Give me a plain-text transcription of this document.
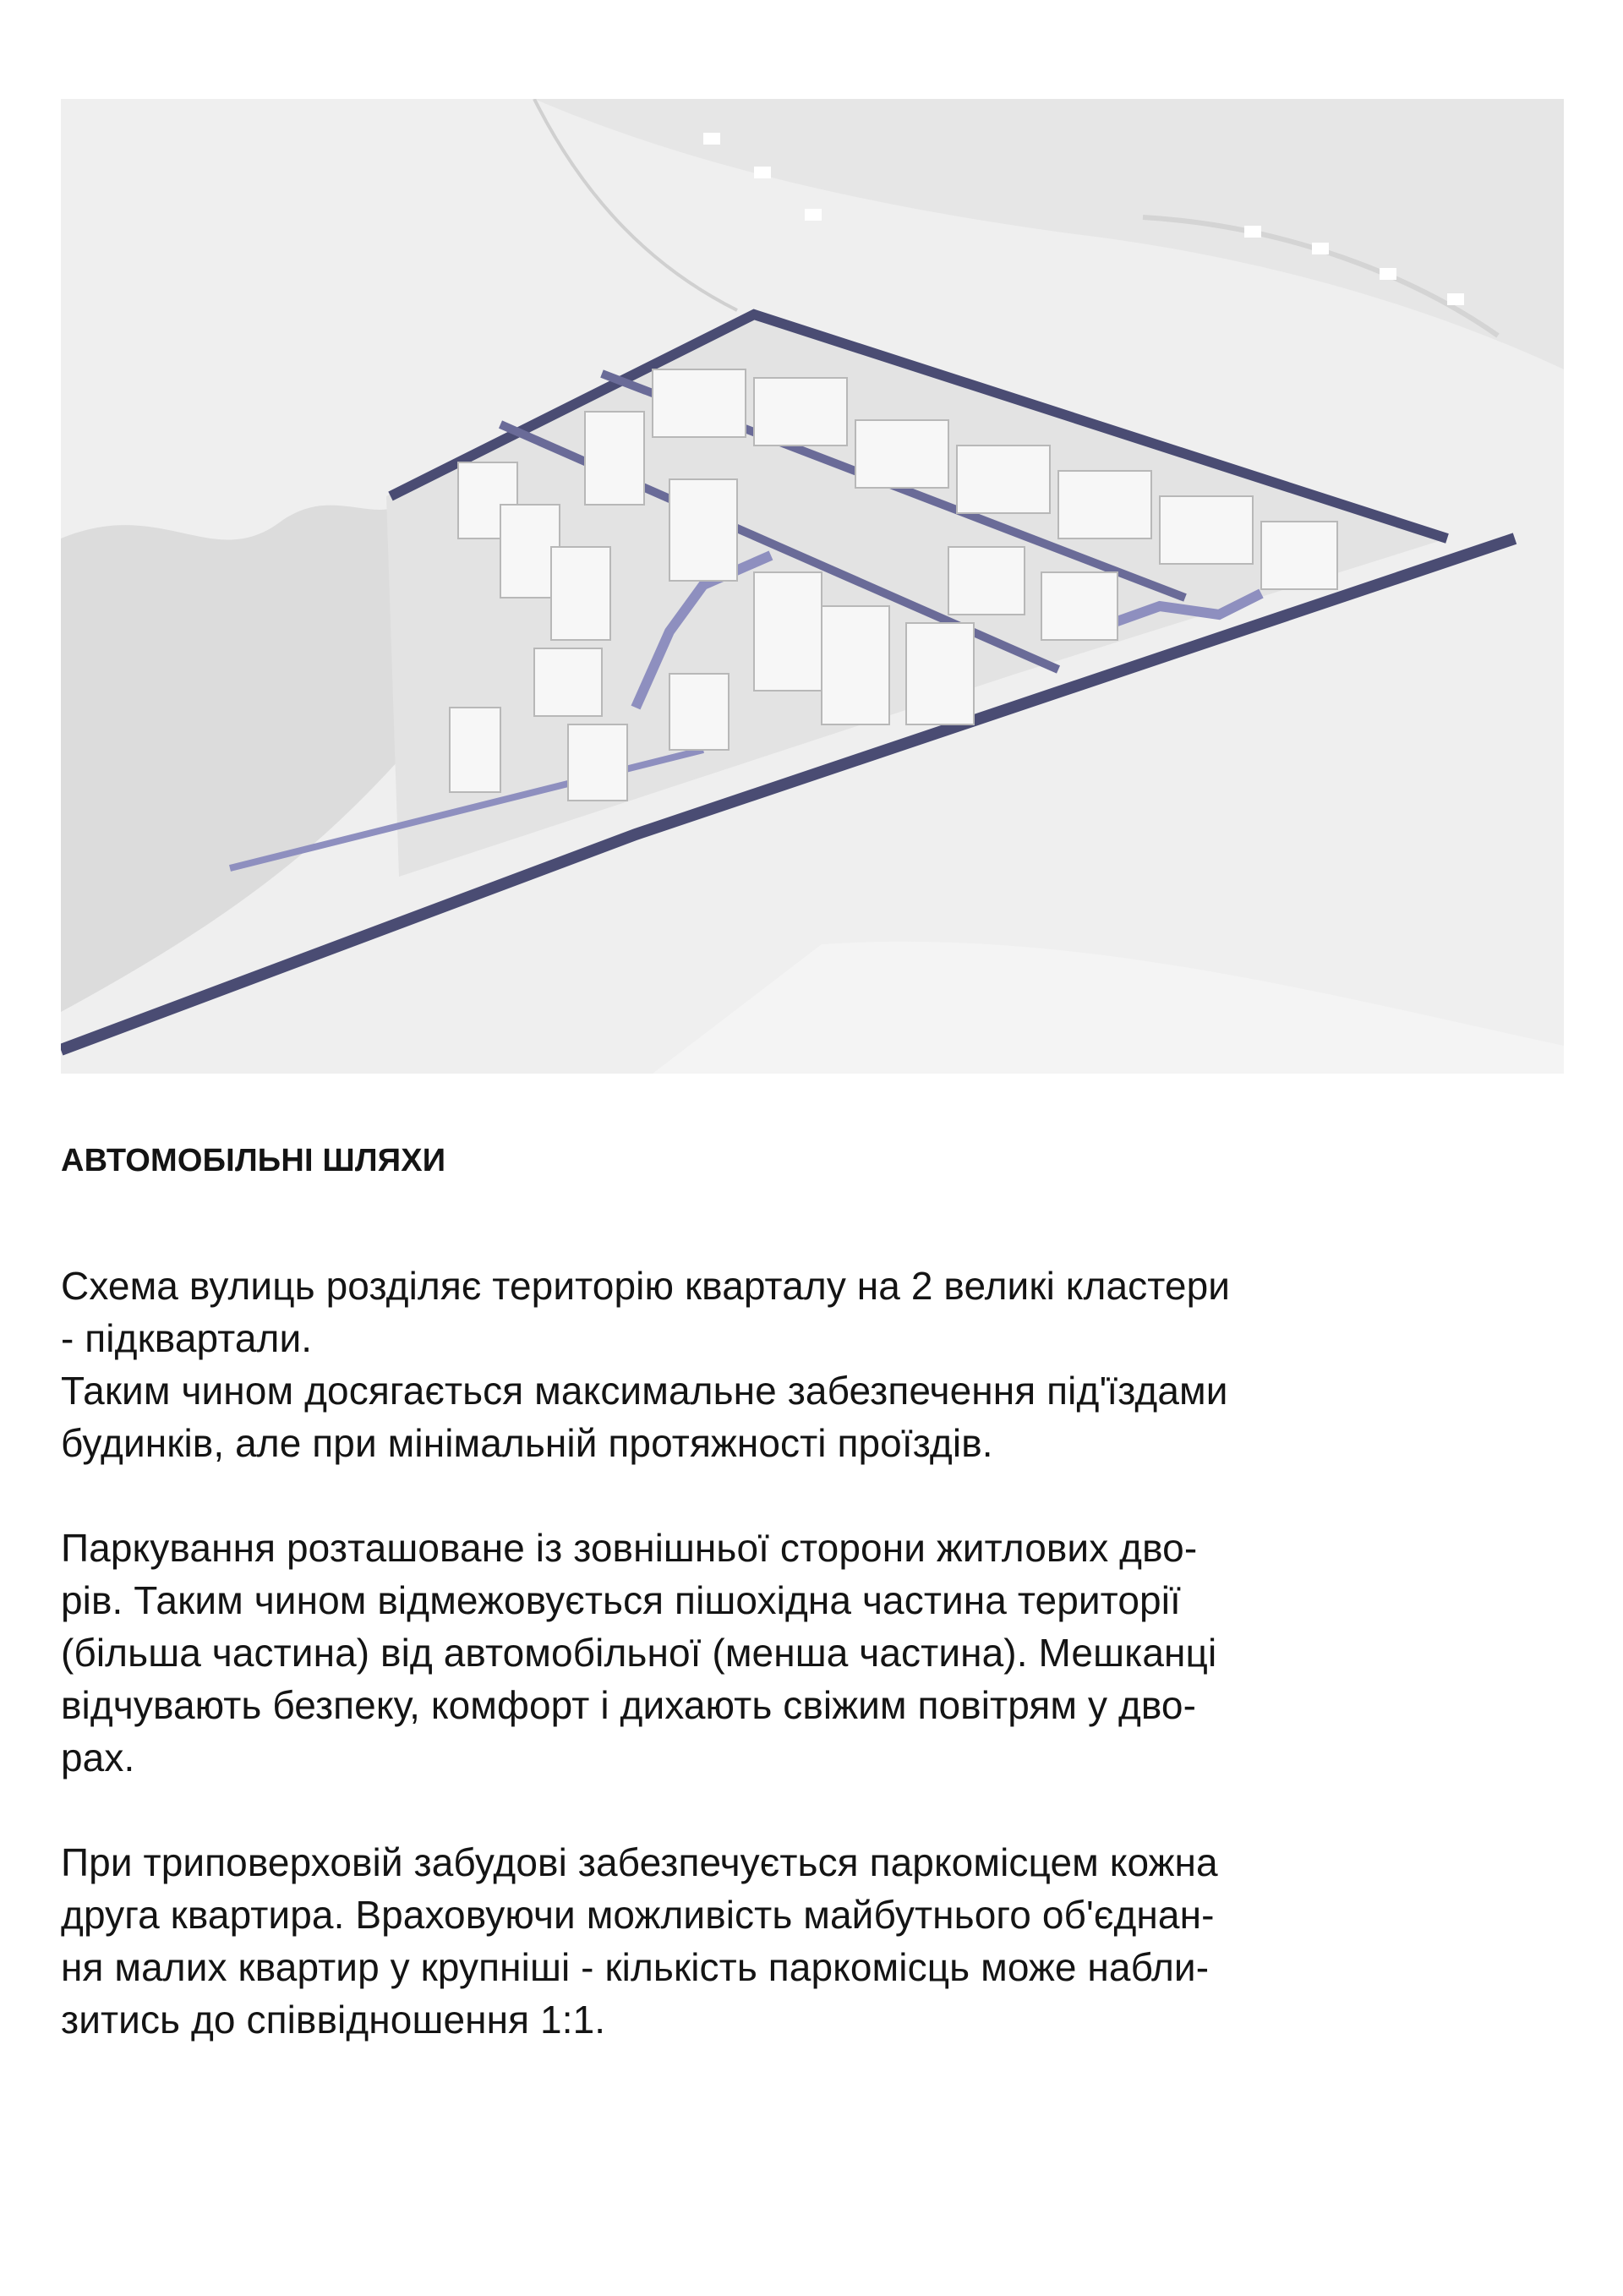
АВТОМОБІЛЬНІ ШЛЯХИ

Схема вулиць розділяє територію кварталу на 2 великі кластери
- підквартали.
Таким чином досягається максимальне забезпечення під'їздами
будинків, але при мінімальній протяжності проїздів.

Паркування розташоване із зовнішньої сторони житлових дво-
рів. Таким чином відмежовується пішохідна частина території
(більша частина) від автомобільної (менша частина). Мешканці
відчувають безпеку, комфорт і дихають свіжим повітрям у дво-
рах.

При триповерховій забудові забезпечується паркомісцем кожна
друга квартира. Враховуючи можливість майбутнього об'єднан-
ня малих квартир у крупніші - кількість паркомісць може набли-
зитись до співвідношення 1:1.
